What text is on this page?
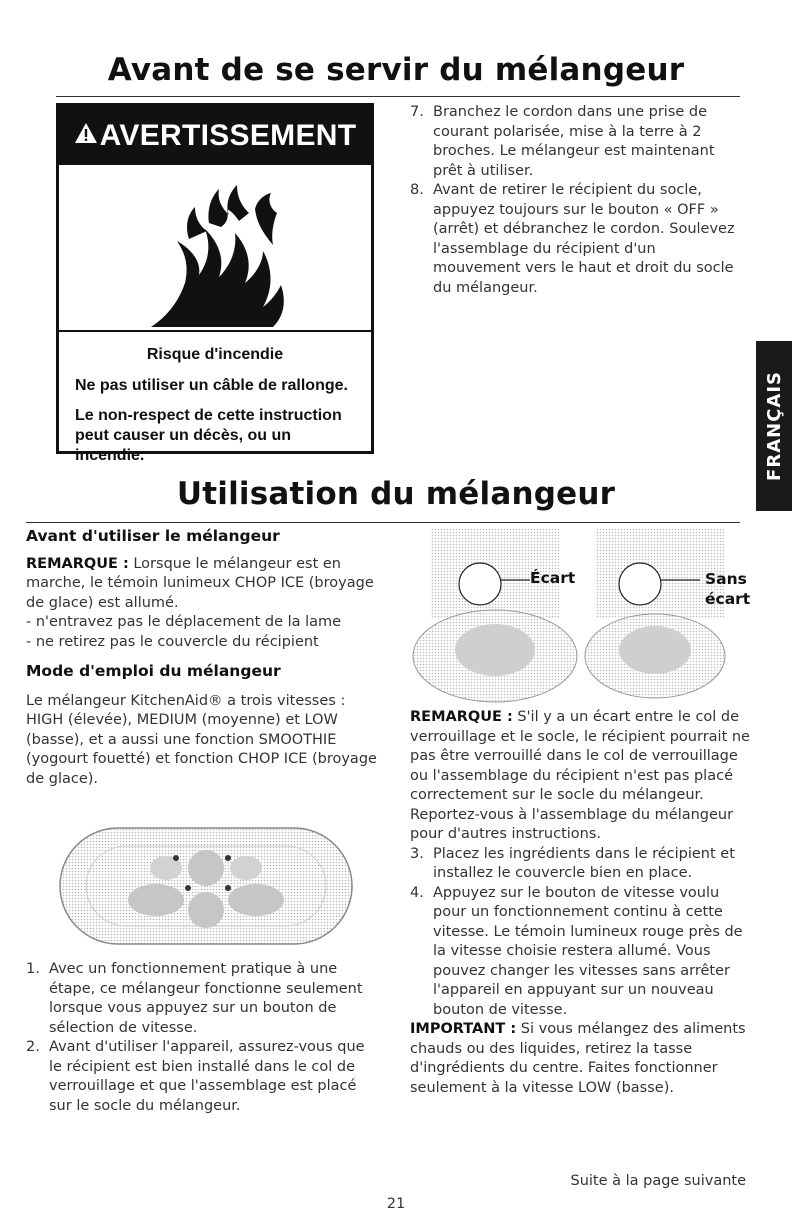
Avant de se servir du mélangeur
AVERTISSEMENT
Risque d'incendie
Ne pas utiliser un câble de rallonge.
Le non-respect de cette instruction peut causer un décès, ou un incendie.
7. Branchez le cordon dans une prise de courant polarisée, mise à la terre à 2 broches. Le mélangeur est maintenant prêt à utiliser.
8. Avant de retirer le récipient du socle, appuyez toujours sur le bouton « OFF » (arrêt) et débranchez le cordon. Soulevez l'assemblage du récipient d'un mouvement vers le haut et droit du socle du mélangeur.
FRANÇAIS
Utilisation du mélangeur
Avant d'utiliser le mélangeur
REMARQUE : Lorsque le mélangeur est en marche, le témoin lunimeux CHOP ICE (broyage de glace) est allumé.
- n'entravez pas le déplacement de la lame
- ne retirez pas le couvercle du récipient
Mode d'emploi du mélangeur
Le mélangeur KitchenAid® a trois vitesses : HIGH (élevée), MEDIUM (moyenne) et LOW (basse), et a aussi une fonction SMOOTHIE (yogourt fouetté) et fonction CHOP ICE (broyage de glace).
1. Avec un fonctionnement pratique à une étape, ce mélangeur fonctionne seulement lorsque vous appuyez sur un bouton de sélection de vitesse.
2. Avant d'utiliser l'appareil, assurez-vous que le récipient est bien installé dans le col de verrouillage et que l'assemblage est placé sur le socle du mélangeur.
Écart	Sans écart
REMARQUE : S'il y a un écart entre le col de verrouillage et le socle, le récipient pourrait ne pas être verrouillé dans le col de verrouillage ou l'assemblage du récipient n'est pas placé correctement sur le socle du mélangeur. Reportez-vous à l'assemblage du mélangeur pour d'autres instructions.
3. Placez les ingrédients dans le récipient et installez le couvercle bien en place.
4. Appuyez sur le bouton de vitesse voulu pour un fonctionnement continu à cette vitesse. Le témoin lumineux rouge près de la vitesse choisie restera allumé. Vous pouvez changer les vitesses sans arrêter l'appareil en appuyant sur un nouveau bouton de vitesse.
IMPORTANT : Si vous mélangez des aliments chauds ou des liquides, retirez la tasse d'ingrédients du centre. Faites fonctionner seulement à la vitesse LOW (basse).
Suite à la page suivante
21
